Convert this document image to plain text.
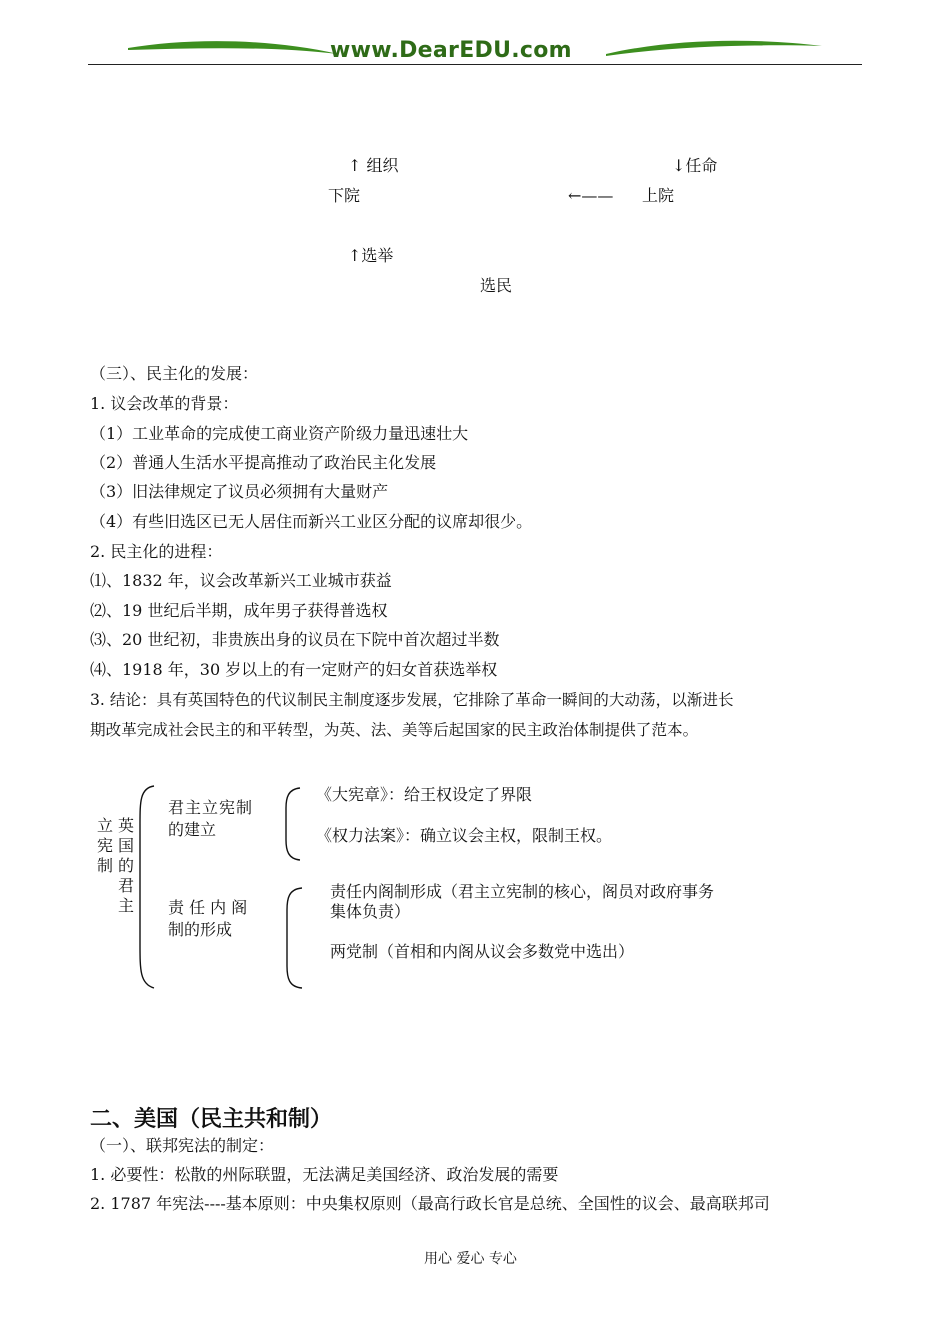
www.DearEDU.com
↑ 组织	↓任命
下院	←—— 上院
↑选举
选民
（三）、民主化的发展：
1. 议会改革的背景：
（1）工业革命的完成使工商业资产阶级力量迅速壮大
（2）普通人生活水平提高推动了政治民主化发展
（3）旧法律规定了议员必须拥有大量财产
（4）有些旧选区已无人居住而新兴工业区分配的议席却很少。
2. 民主化的进程：
⑴、1832 年，议会改革新兴工业城市获益
⑵、19 世纪后半期，成年男子获得普选权
⑶、20 世纪初，非贵族出身的议员在下院中首次超过半数
⑷、1918 年，30 岁以上的有一定财产的妇女首获选举权
3. 结论：具有英国特色的代议制民主制度逐步发展，它排除了革命一瞬间的大动荡，以渐进长
期改革完成社会民主的和平转型，为英、法、美等后起国家的民主政治体制提供了范本。
英国的君主
立宪制
君主立宪制
的建立
《大宪章》：给王权设定了界限
《权力法案》：确立议会主权，限制王权。
责 任 内 阁
制的形成
责任内阁制形成（君主立宪制的核心，阁员对政府事务
集体负责）
两党制（首相和内阁从议会多数党中选出）
二、美国（民主共和制）
（一）、联邦宪法的制定：
1. 必要性：松散的州际联盟，无法满足美国经济、政治发展的需要
2. 1787 年宪法----基本原则：中央集权原则（最高行政长官是总统、全国性的议会、最高联邦司
用心 爱心 专心
